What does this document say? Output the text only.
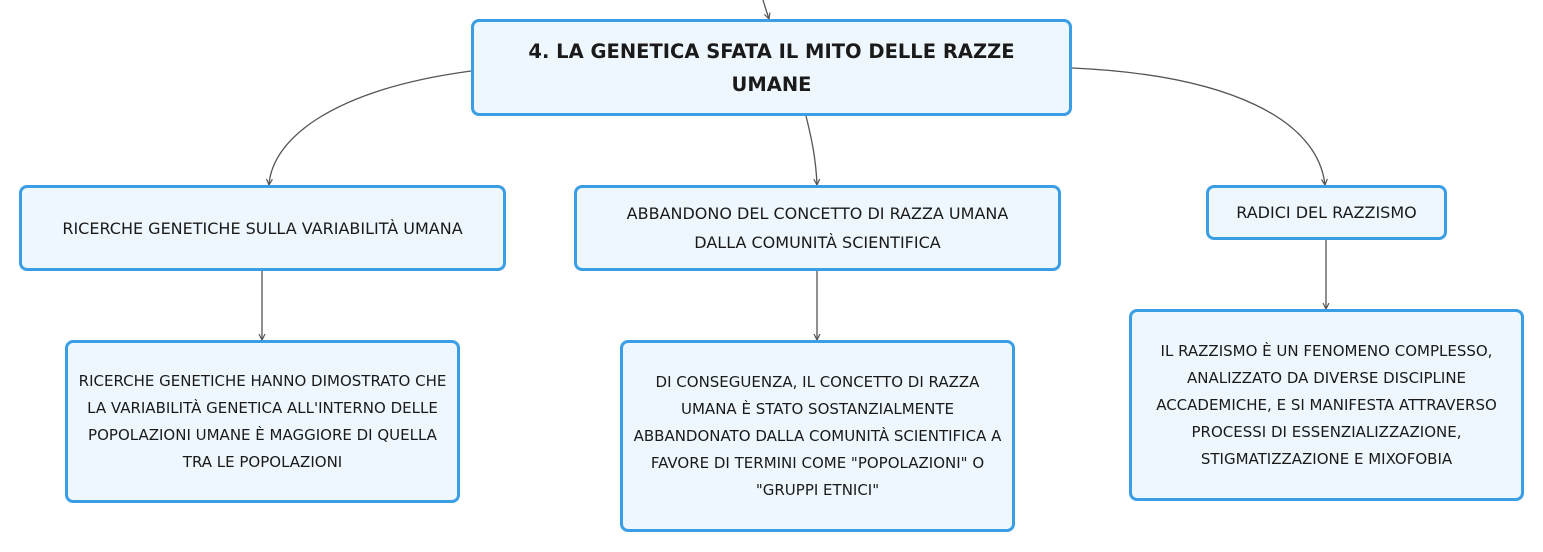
4. LA GENETICA SFATA IL MITO DELLE RAZZE UMANE
RICERCHE GENETICHE SULLA VARIABILITÀ UMANA
ABBANDONO DEL CONCETTO DI RAZZA UMANA DALLA COMUNITÀ SCIENTIFICA
RADICI DEL RAZZISMO
RICERCHE GENETICHE HANNO DIMOSTRATO CHE LA VARIABILITÀ GENETICA ALL'INTERNO DELLE POPOLAZIONI UMANE È MAGGIORE DI QUELLA TRA LE POPOLAZIONI
DI CONSEGUENZA, IL CONCETTO DI RAZZA UMANA È STATO SOSTANZIALMENTE ABBANDONATO DALLA COMUNITÀ SCIENTIFICA A FAVORE DI TERMINI COME "POPOLAZIONI" O "GRUPPI ETNICI"
IL RAZZISMO È UN FENOMENO COMPLESSO, ANALIZZATO DA DIVERSE DISCIPLINE ACCADEMICHE, E SI MANIFESTA ATTRAVERSO PROCESSI DI ESSENZIALIZZAZIONE, STIGMATIZZAZIONE E MIXOFOBIA
